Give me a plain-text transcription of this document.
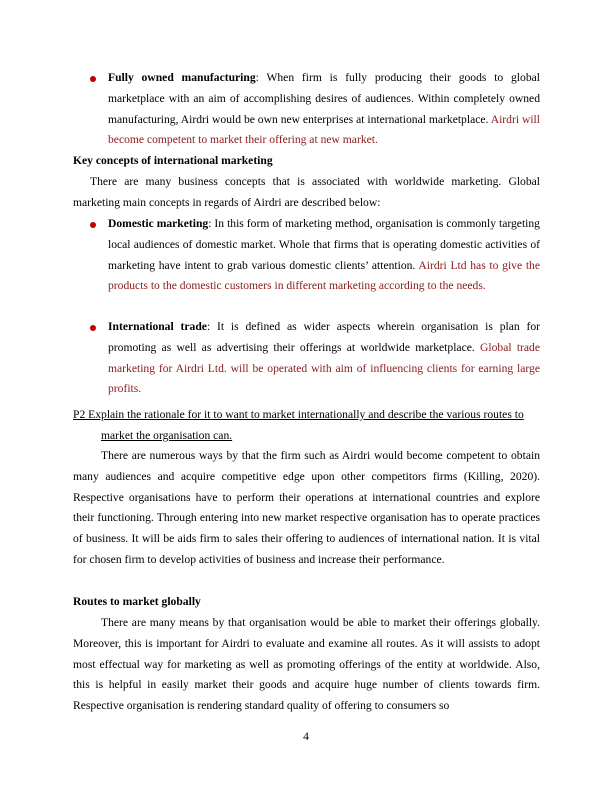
Fully owned manufacturing: When firm is fully producing their goods to global marketplace with an aim of accomplishing desires of audiences. Within completely owned manufacturing, Airdri would be own new enterprises at international marketplace. Airdri will become competent to market their offering at new market.
Key concepts of international marketing
There are many business concepts that is associated with worldwide marketing. Global marketing main concepts in regards of Airdri are described below:
Domestic marketing: In this form of marketing method, organisation is commonly targeting local audiences of domestic market. Whole that firms that is operating domestic activities of marketing have intent to grab various domestic clients’ attention. Airdri Ltd has to give the products to the domestic customers in different marketing according to the needs.
International trade: It is defined as wider aspects wherein organisation is plan for promoting as well as advertising their offerings at worldwide marketplace. Global trade marketing for Airdri Ltd. will be operated with aim of influencing clients for earning large profits.
P2 Explain the rationale for it to want to market internationally and describe the various routes to
market the organisation can.
There are numerous ways by that the firm such as Airdri would become competent to obtain many audiences and acquire competitive edge upon other competitors firms (Killing, 2020). Respective organisations have to perform their operations at international countries and explore their functioning. Through entering into new market respective organisation has to operate practices of business. It will be aids firm to sales their offering to audiences of international nation. It is vital for chosen firm to develop activities of business and increase their performance.
Routes to market globally
There are many means by that organisation would be able to market their offerings globally. Moreover, this is important for Airdri to evaluate and examine all routes. As it will assists to adopt most effectual way for marketing as well as promoting offerings of the entity at worldwide. Also, this is helpful in easily market their goods and acquire huge number of clients towards firm. Respective organisation is rendering standard quality of offering to consumers so
4
